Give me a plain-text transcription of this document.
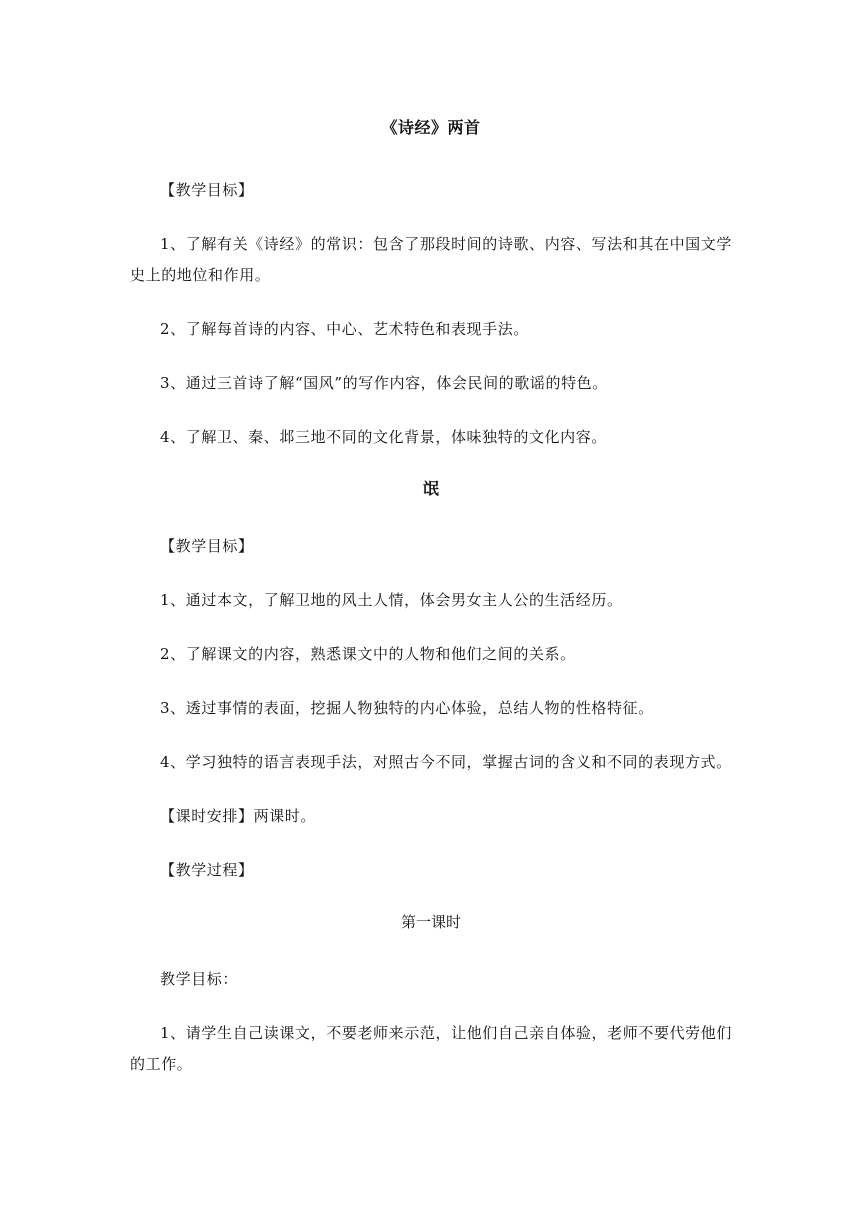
《诗经》两首

【教学目标】

1、了解有关《诗经》的常识：包含了那段时间的诗歌、内容、写法和其在中国文学史上的地位和作用。

2、了解每首诗的内容、中心、艺术特色和表现手法。

3、通过三首诗了解“国风”的写作内容，体会民间的歌谣的特色。

4、了解卫、秦、邶三地不同的文化背景，体味独特的文化内容。

氓

【教学目标】

1、通过本文，了解卫地的风土人情，体会男女主人公的生活经历。

2、了解课文的内容，熟悉课文中的人物和他们之间的关系。

3、透过事情的表面，挖掘人物独特的内心体验，总结人物的性格特征。

4、学习独特的语言表现手法，对照古今不同，掌握古词的含义和不同的表现方式。

【课时安排】两课时。

【教学过程】

第一课时

教学目标：

1、请学生自己读课文，不要老师来示范，让他们自己亲自体验，老师不要代劳他们的工作。
